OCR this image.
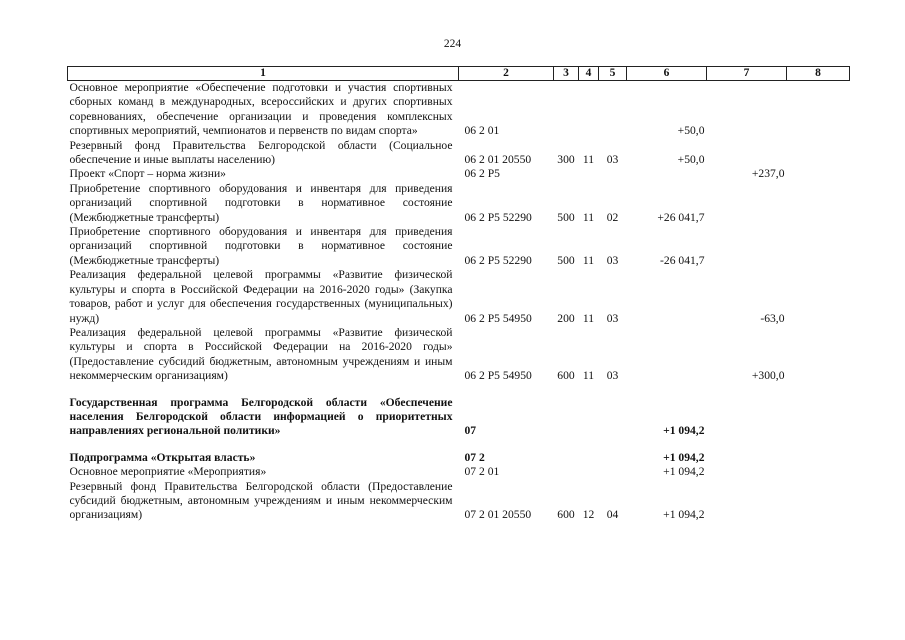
224
1	2	3	4	5	6	7	8
Основное мероприятие «Обеспечение подготовки и участия спортивных сборных команд в международных, всероссийских и других спортивных соревнованиях, обеспечение организации и проведения комплексных спортивных мероприятий, чемпионатов и первенств по видам спорта»	06 2 01				+50,0		
Резервный фонд Правительства Белгородской области (Социальное обеспечение и иные выплаты населению)	06 2 01 20550	300	11	03	+50,0		
Проект «Спорт – норма жизни»	06 2 P5					+237,0	
Приобретение спортивного оборудования и инвентаря для приведения организаций спортивной подготовки в нормативное состояние (Межбюджетные трансферты)	06 2 P5 52290	500	11	02	+26 041,7		
Приобретение спортивного оборудования и инвентаря для приведения организаций спортивной подготовки в нормативное состояние (Межбюджетные трансферты)	06 2 P5 52290	500	11	03	-26 041,7		
Реализация федеральной целевой программы «Развитие физической культуры и спорта в Российской Федерации на 2016-2020 годы» (Закупка товаров, работ и услуг для обеспечения государственных (муниципальных) нужд)	06 2 P5 54950	200	11	03		-63,0	
Реализация федеральной целевой программы «Развитие физической культуры и спорта в Российской Федерации на 2016-2020 годы» (Предоставление субсидий бюджетным, автономным учреждениям и иным некоммерческим организациям)	06 2 P5 54950	600	11	03		+300,0	

Государственная программа Белгородской области «Обеспечение населения Белгородской области информацией о приоритетных направлениях региональной политики»	07				+1 094,2		

Подпрограмма «Открытая власть»	07 2				+1 094,2		
Основное мероприятие «Мероприятия»	07 2 01				+1 094,2		
Резервный фонд Правительства Белгородской области (Предоставление субсидий бюджетным, автономным учреждениям и иным некоммерческим организациям)	07 2 01 20550	600	12	04	+1 094,2		
